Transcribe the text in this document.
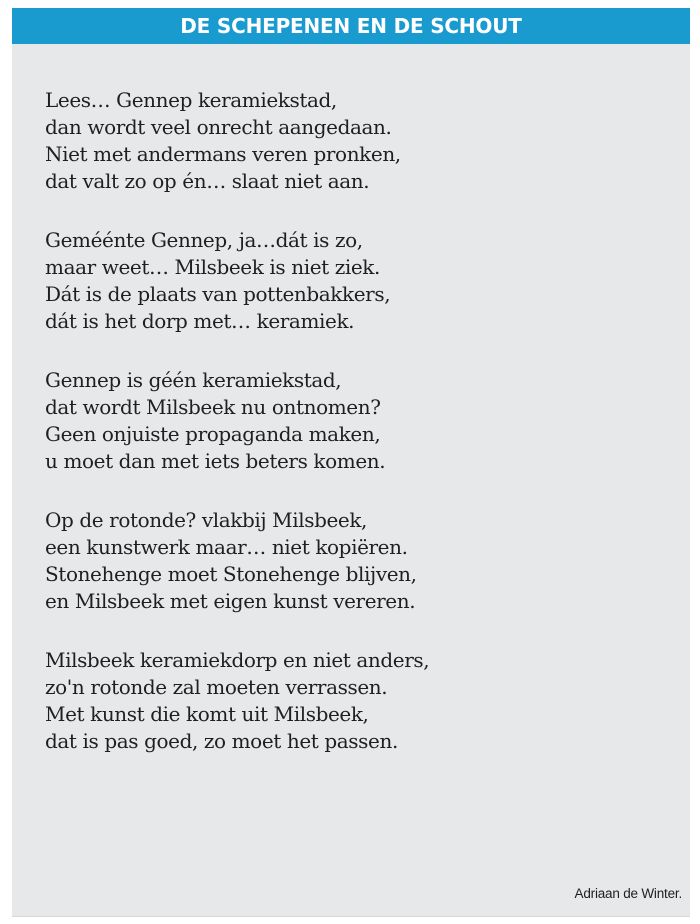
DE SCHEPENEN EN DE SCHOUT
Lees… Gennep keramiekstad,
dan wordt veel onrecht aangedaan.
Niet met andermans veren pronken,
dat valt zo op én… slaat niet aan.
Geméénte Gennep, ja…dát is zo,
maar weet… Milsbeek is niet ziek.
Dát is de plaats van pottenbakkers,
dát is het dorp met… keramiek.
Gennep is géén keramiekstad,
dat wordt Milsbeek nu ontnomen?
Geen onjuiste propaganda maken,
u moet dan met iets beters komen.
Op de rotonde? vlakbij Milsbeek,
een kunstwerk maar… niet kopiëren.
Stonehenge moet Stonehenge blijven,
en Milsbeek met eigen kunst vereren.
Milsbeek keramiekdorp en niet anders,
zo'n rotonde zal moeten verrassen.
Met kunst die komt uit Milsbeek,
dat is pas goed, zo moet het passen.
Adriaan de Winter.
